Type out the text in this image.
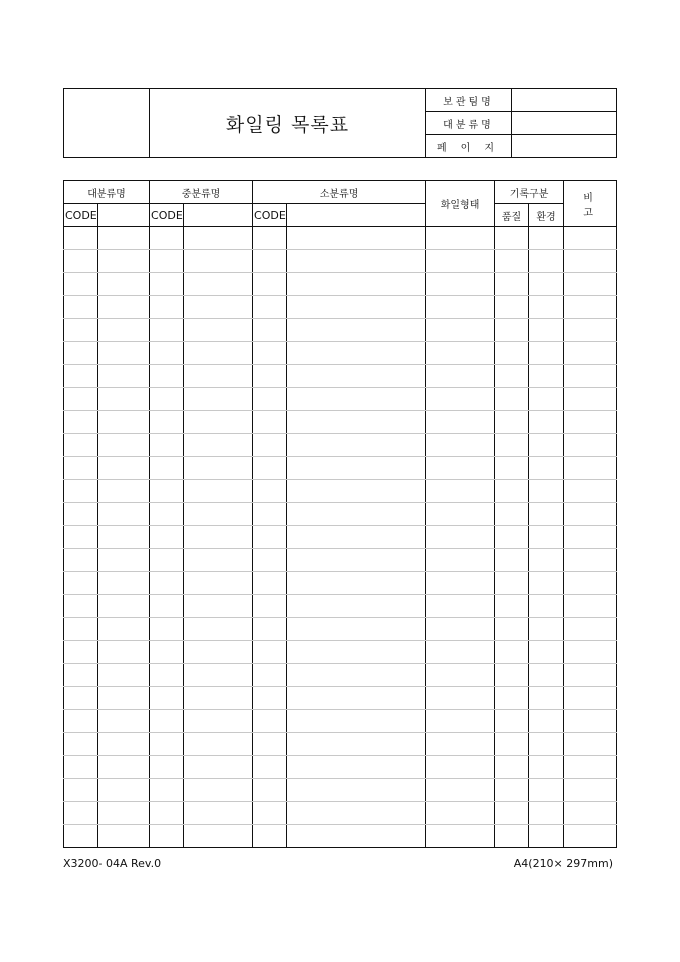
	화일링 목록표	보관팀명	
		대분류명	
		페이지	
대분류명		중분류명		소분류명		화일형태	기록구분		비고
CODE		CODE		CODE			품질	환경	

X3200- 04A Rev.0	A4(210× 297mm)
